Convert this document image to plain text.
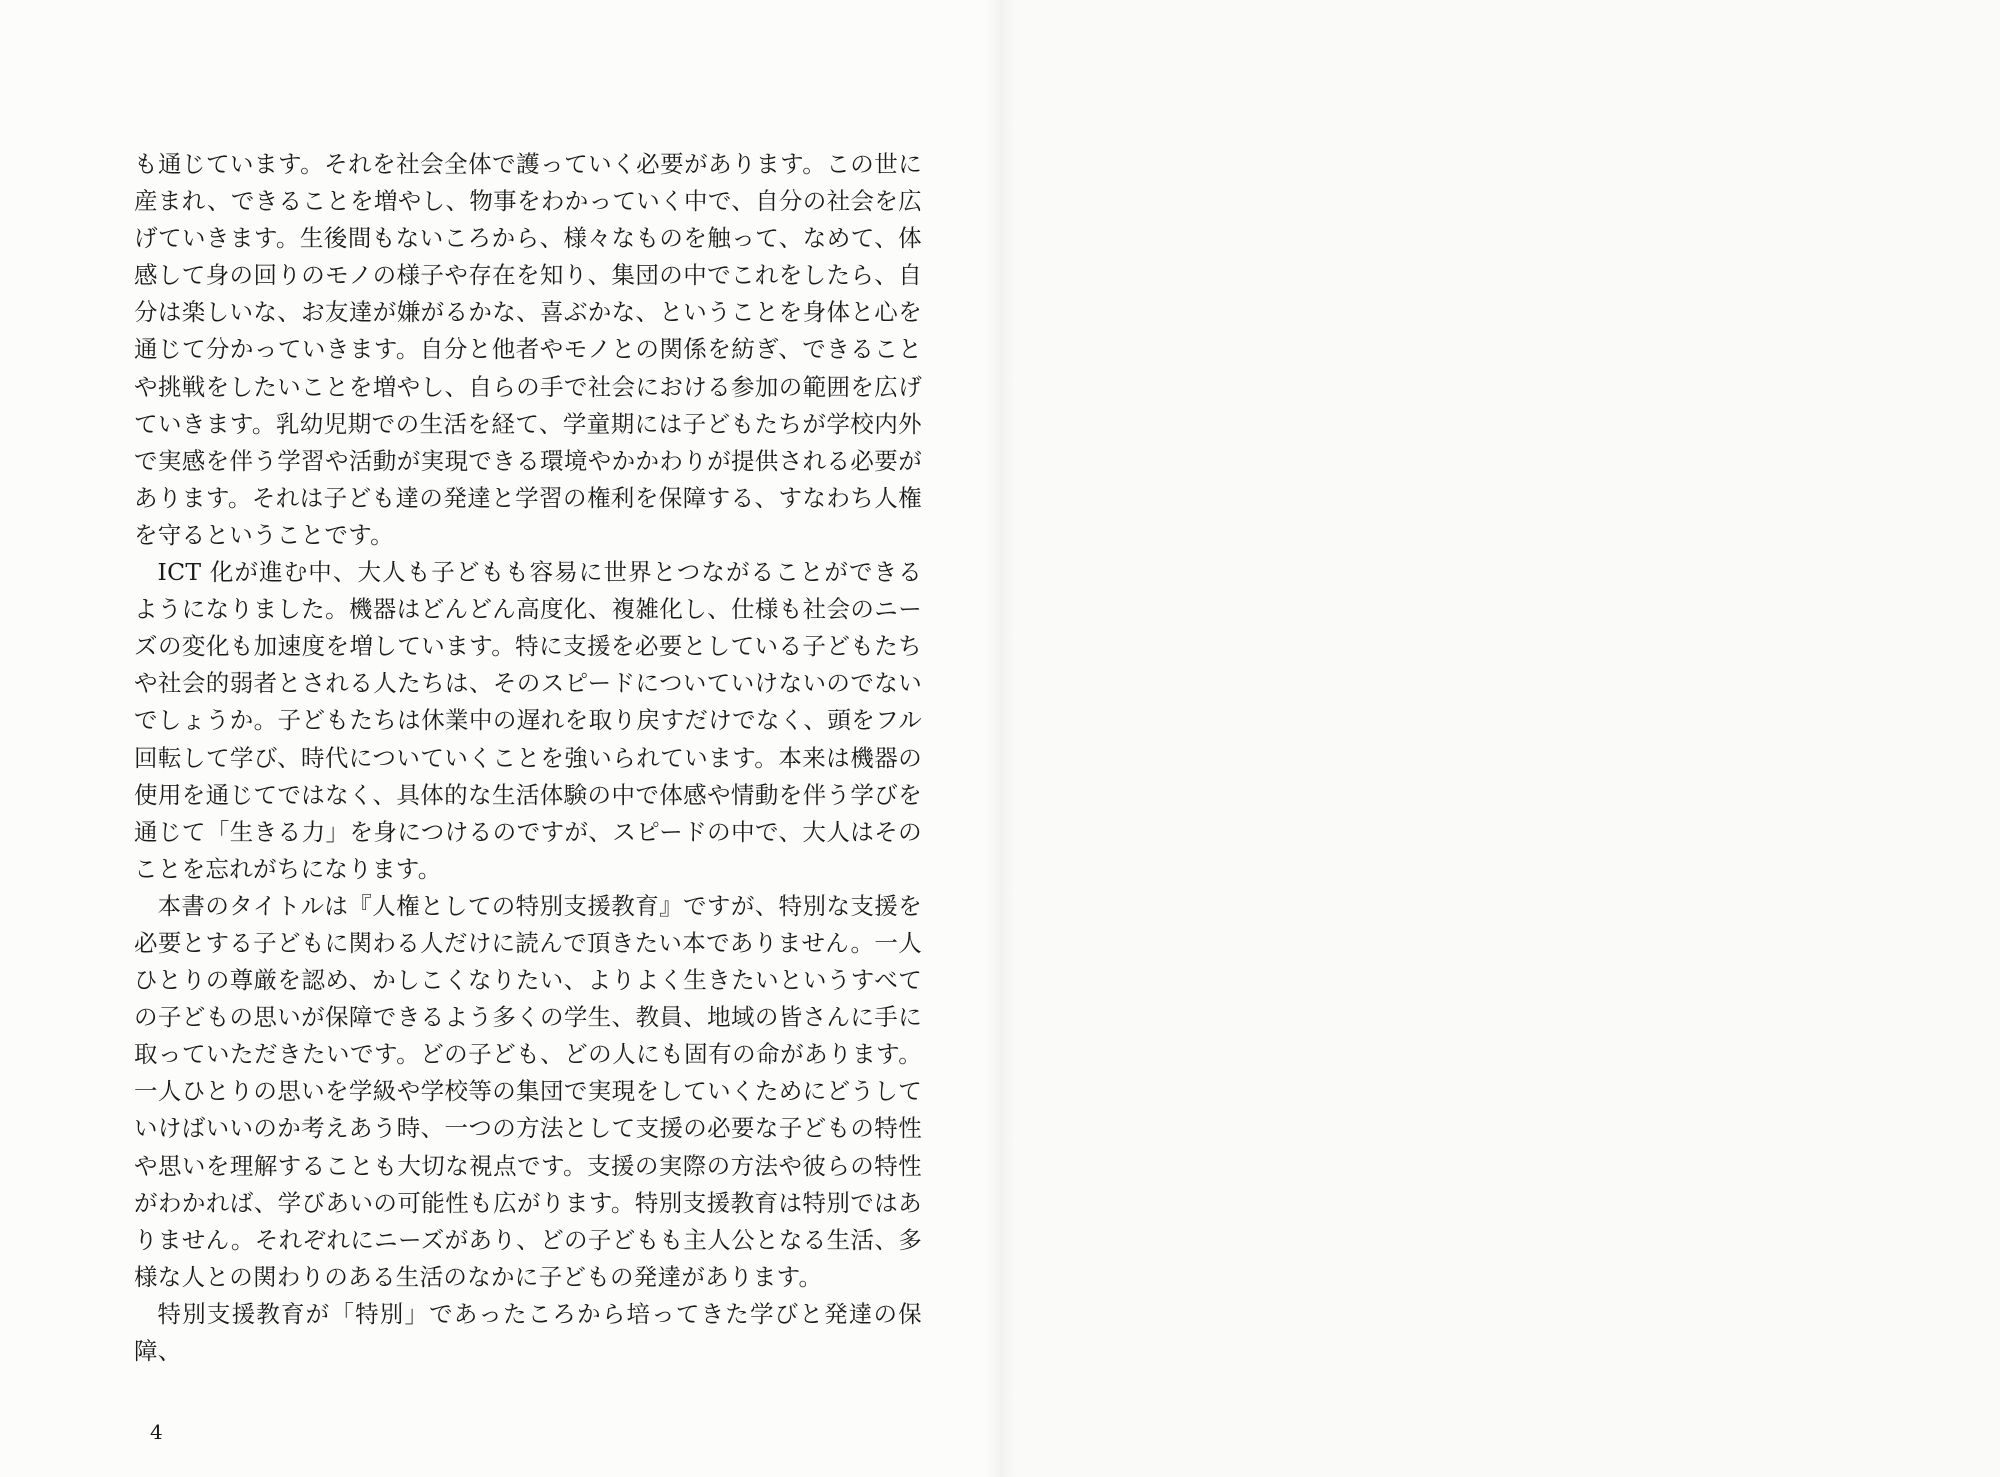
も通じています。それを社会全体で護っていく必要があります。この世に産まれ、できることを増やし、物事をわかっていく中で、自分の社会を広げていきます。生後間もないころから、様々なものを触って、なめて、体感して身の回りのモノの様子や存在を知り、集団の中でこれをしたら、自分は楽しいな、お友達が嫌がるかな、喜ぶかな、ということを身体と心を通じて分かっていきます。自分と他者やモノとの関係を紡ぎ、できることや挑戦をしたいことを増やし、自らの手で社会における参加の範囲を広げていきます。乳幼児期での生活を経て、学童期には子どもたちが学校内外で実感を伴う学習や活動が実現できる環境やかかわりが提供される必要があります。それは子ども達の発達と学習の権利を保障する、すなわち人権を守るということです。

ICT 化が進む中、大人も子どもも容易に世界とつながることができるようになりました。機器はどんどん高度化、複雑化し、仕様も社会のニーズの変化も加速度を増しています。特に支援を必要としている子どもたちや社会的弱者とされる人たちは、そのスピードについていけないのでないでしょうか。子どもたちは休業中の遅れを取り戻すだけでなく、頭をフル回転して学び、時代についていくことを強いられています。本来は機器の使用を通じてではなく、具体的な生活体験の中で体感や情動を伴う学びを通じて「生きる力」を身につけるのですが、スピードの中で、大人はそのことを忘れがちになります。

本書のタイトルは『人権としての特別支援教育』ですが、特別な支援を必要とする子どもに関わる人だけに読んで頂きたい本でありません。一人ひとりの尊厳を認め、かしこくなりたい、よりよく生きたいというすべての子どもの思いが保障できるよう多くの学生、教員、地域の皆さんに手に取っていただきたいです。どの子ども、どの人にも固有の命があります。一人ひとりの思いを学級や学校等の集団で実現をしていくためにどうしていけばいいのか考えあう時、一つの方法として支援の必要な子どもの特性や思いを理解することも大切な視点です。支援の実際の方法や彼らの特性がわかれば、学びあいの可能性も広がります。特別支援教育は特別ではありません。それぞれにニーズがあり、どの子どもも主人公となる生活、多様な人との関わりのある生活のなかに子どもの発達があります。

特別支援教育が「特別」であったころから培ってきた学びと発達の保障、

4
